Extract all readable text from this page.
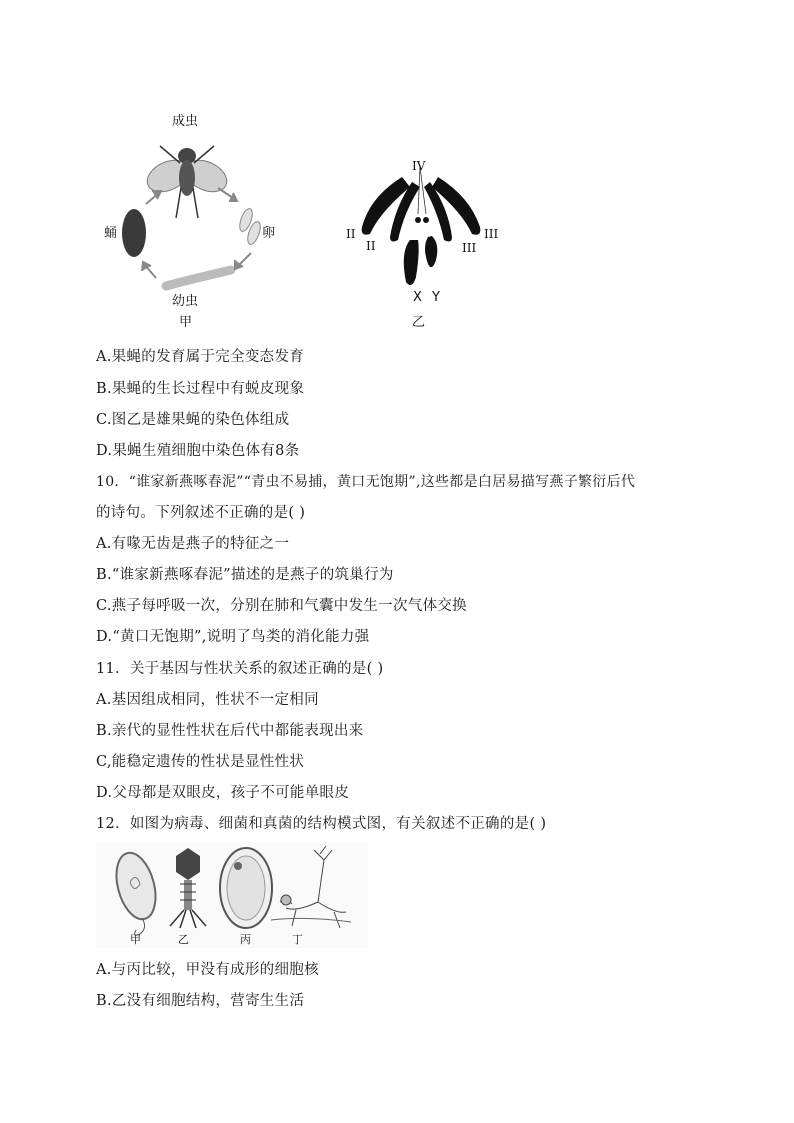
成虫
蛹	卵
幼虫
甲
IV
II
II
III
III
X Y
乙
A.果蝇的发育属于完全变态发育
B.果蝇的生长过程中有蜕皮现象
C.图乙是雄果蝇的染色体组成
D.果蝇生殖细胞中染色体有8条
10．“谁家新燕啄春泥”“青虫不易捕，黄口无饱期”,这些都是白居易描写燕子繁衍后代
的诗句。下列叙述不正确的是( )
A.有喙无齿是燕子的特征之一
B.“谁家新燕啄春泥”描述的是燕子的筑巢行为
C.燕子每呼吸一次，分别在肺和气囊中发生一次气体交换
D.“黄口无饱期”,说明了鸟类的消化能力强
11．关于基因与性状关系的叙述正确的是( )
A.基因组成相同，性状不一定相同
B.亲代的显性性状在后代中都能表现出来
C,能稳定遗传的性状是显性性状
D.父母都是双眼皮，孩子不可能单眼皮
12．如图为病毒、细菌和真菌的结构模式图，有关叙述不正确的是( )
甲	乙	丙	丁
A.与丙比较，甲没有成形的细胞核
B.乙没有细胞结构，营寄生生活
